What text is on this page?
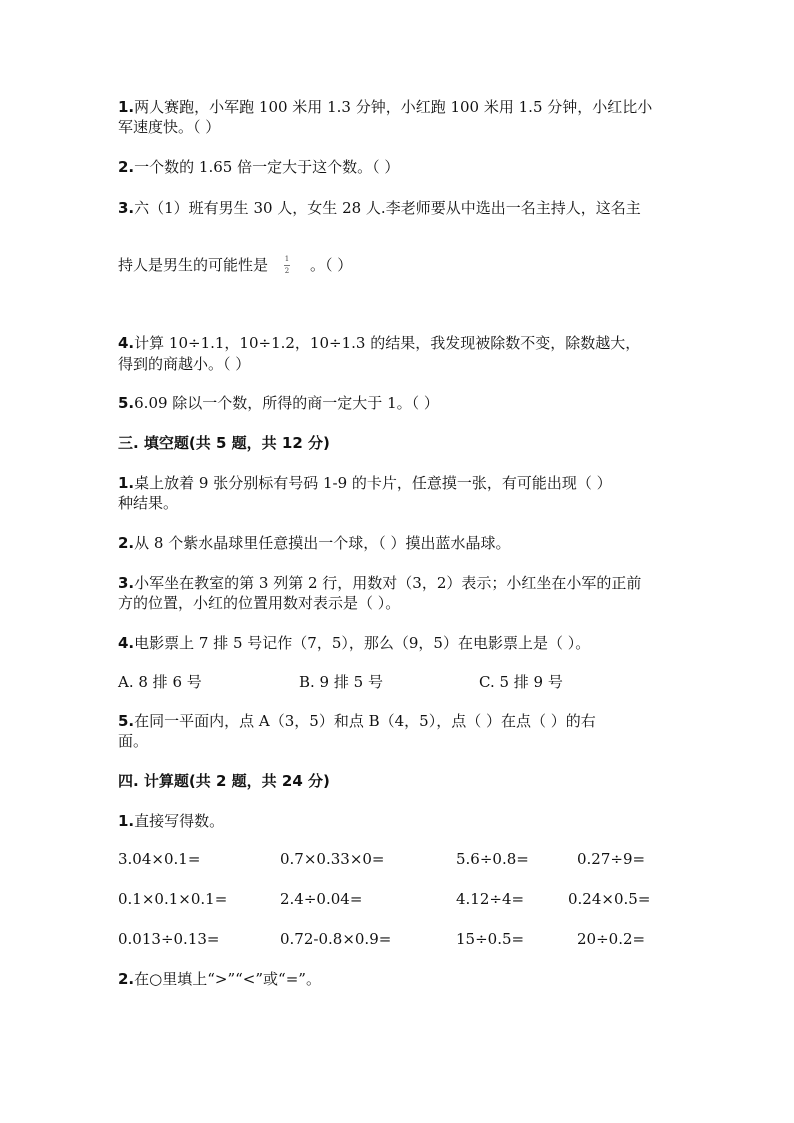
1.两人赛跑，小军跑 100 米用 1.3 分钟，小红跑 100 米用 1.5 分钟，小红比小
军速度快。（ ）
2.一个数的 1.65 倍一定大于这个数。（ ）
3.六（1）班有男生 30 人，女生 28 人.李老师要从中选出一名主持人，这名主
持人是男生的可能性是 $\frac{1}{2}$ 。（ ）
4.计算 10÷1.1，10÷1.2，10÷1.3 的结果，我发现被除数不变，除数越大，
得到的商越小。（ ）
5.6.09 除以一个数，所得的商一定大于 1。（ ）
三. 填空题(共 5 题，共 12 分)
1.桌上放着 9 张分别标有号码 1-9 的卡片，任意摸一张，有可能出现（ ）
种结果。
2.从 8 个紫水晶球里任意摸出一个球，（ ）摸出蓝水晶球。
3.小军坐在教室的第 3 列第 2 行，用数对（3，2）表示；小红坐在小军的正前
方的位置，小红的位置用数对表示是（ ）。
4.电影票上 7 排 5 号记作（7，5），那么（9，5）在电影票上是（ ）。
A. 8 排 6 号	B. 9 排 5 号	C. 5 排 9 号
5.在同一平面内，点 A（3，5）和点 B（4，5），点（ ）在点（ ）的右
面。
四. 计算题(共 2 题，共 24 分)
1.直接写得数。
3.04×0.1=	0.7×0.33×0=	5.6÷0.8=	0.27÷9=
0.1×0.1×0.1=	2.4÷0.04=	4.12÷4=	0.24×0.5=
0.013÷0.13=	0.72-0.8×0.9=	15÷0.5=	20÷0.2=
2.在○里填上“>”“<”或“=”。
